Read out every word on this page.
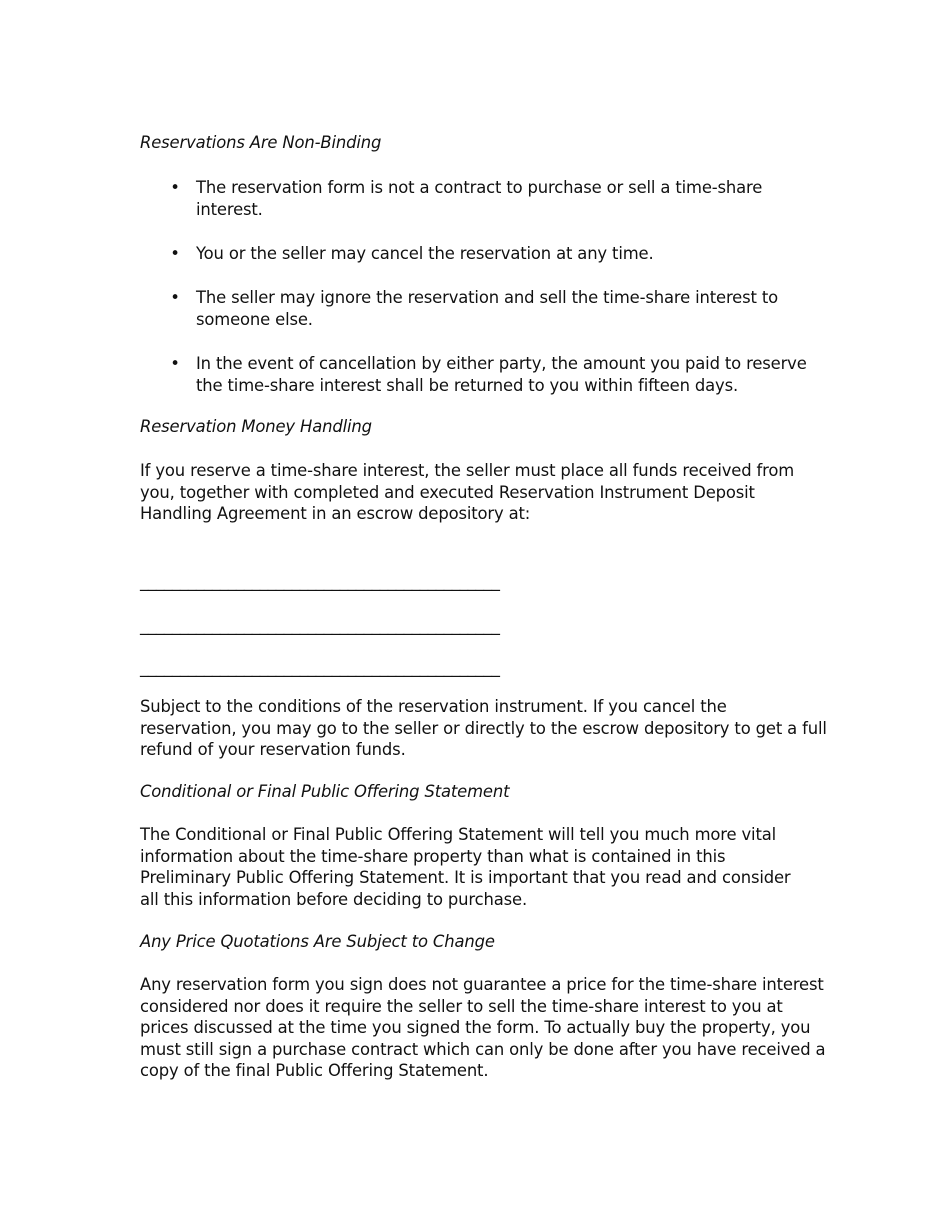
Reservations Are Non-Binding
• The reservation form is not a contract to purchase or sell a time-share
interest.
• You or the seller may cancel the reservation at any time.
• The seller may ignore the reservation and sell the time-share interest to
someone else.
• In the event of cancellation by either party, the amount you paid to reserve
the time-share interest shall be returned to you within fifteen days.
Reservation Money Handling
If you reserve a time-share interest, the seller must place all funds received from
you, together with completed and executed Reservation Instrument Deposit
Handling Agreement in an escrow depository at:
_____________________________________________
_____________________________________________
_____________________________________________
Subject to the conditions of the reservation instrument. If you cancel the
reservation, you may go to the seller or directly to the escrow depository to get a full
refund of your reservation funds.
Conditional or Final Public Offering Statement
The Conditional or Final Public Offering Statement will tell you much more vital
information about the time-share property than what is contained in this
Preliminary Public Offering Statement. It is important that you read and consider
all this information before deciding to purchase.
Any Price Quotations Are Subject to Change
Any reservation form you sign does not guarantee a price for the time-share interest
considered nor does it require the seller to sell the time-share interest to you at
prices discussed at the time you signed the form. To actually buy the property, you
must still sign a purchase contract which can only be done after you have received a
copy of the final Public Offering Statement.
